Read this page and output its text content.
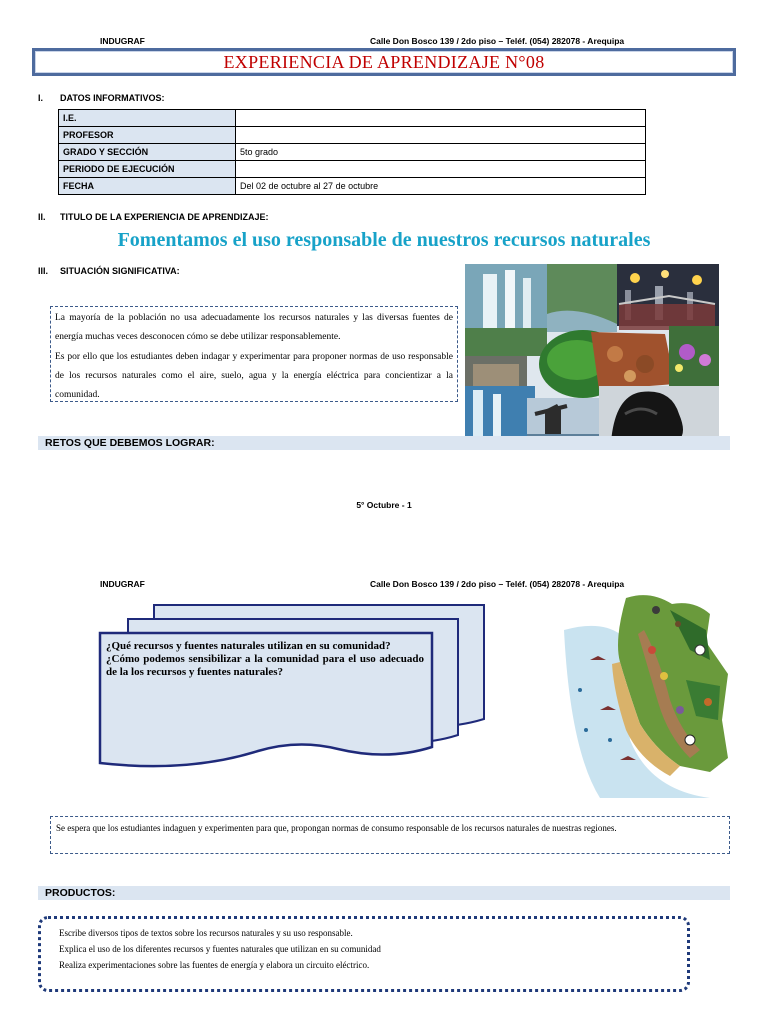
INDUGRAF	Calle Don Bosco 139 / 2do piso – Teléf. (054) 282078 - Arequipa
EXPERIENCIA DE APRENDIZAJE N°08
I. DATOS INFORMATIVOS:
I.E.	
PROFESOR	
GRADO Y SECCIÓN	5to grado
PERIODO DE EJECUCIÓN	
FECHA	Del 02 de octubre al 27 de octubre
II. TITULO DE LA EXPERIENCIA DE APRENDIZAJE:
Fomentamos el uso responsable de nuestros recursos naturales
III. SITUACIÓN SIGNIFICATIVA:

La mayoría de la población no usa adecuadamente los recursos naturales y las diversas fuentes de energía muchas veces desconocen cómo se debe utilizar responsablemente.

Es por ello que los estudiantes deben indagar y experimentar para proponer normas de uso responsable de los recursos naturales como el aire, suelo, agua y la energía eléctrica para concientizar a la comunidad.

RETOS QUE DEBEMOS LOGRAR:
5° Octubre - 1
INDUGRAF	Calle Don Bosco 139 / 2do piso – Teléf. (054) 282078 - Arequipa
¿Qué recursos y fuentes naturales utilizan en su comunidad?
¿Cómo podemos sensibilizar a la comunidad para el uso adecuado de la los recursos y fuentes naturales?
Se espera que los estudiantes indaguen y experimenten para que, propongan normas de consumo responsable de los recursos naturales de nuestras regiones.
PRODUCTOS:
Escribe diversos tipos de textos sobre los recursos naturales y su uso responsable.
Explica el uso de los diferentes recursos y fuentes naturales que utilizan en su comunidad
Realiza experimentaciones sobre las fuentes de energía y elabora un circuito eléctrico.
